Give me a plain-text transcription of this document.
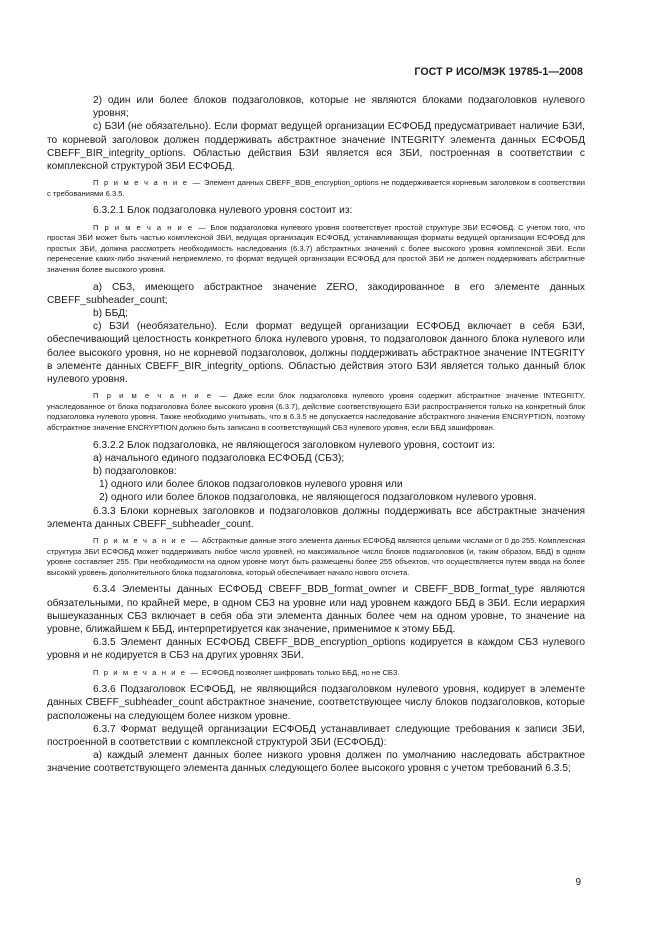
ГОСТ Р ИСО/МЭК 19785-1—2008

2) один или более блоков подзаголовков, которые не являются блоками подзаголовков нулевого уровня;

c) БЗИ (не обязательно). Если формат ведущей организации ЕСФОБД предусматривает наличие БЗИ, то корневой заголовок должен поддерживать абстрактное значение INTEGRITY элемента данных ЕСФОБД CBEFF_BIR_integrity_options. Областью действия БЗИ является вся ЗБИ, построенная в соответствии с комплексной структурой ЗБИ ЕСФОБД.

П р и м е ч а н и е — Элемент данных CBEFF_BDB_encryption_options не поддерживается корневым заголовком в соответствии с требованиями 6.3.5.

6.3.2.1 Блок подзаголовка нулевого уровня состоит из:

П р и м е ч а н и е — Блок подзаголовка нулевого уровня соответствует простой структуре ЗБИ ЕСФОБД. С учетом того, что простая ЗБИ может быть частью комплексной ЗБИ, ведущая организация ЕСФОБД, устанавливающая форматы ведущей организации ЕСФОБД для простых ЗБИ, должна рассмотреть необходимость наследования (6.3.7) абстрактных значений с более высокого уровня комплексной ЗБИ. Если перенесение каких-либо значений неприемлемо, то формат ведущей организации ЕСФОБД для простой ЗБИ не должен поддерживать абстрактные значения более высокого уровня.

a) СБЗ, имеющего абстрактное значение ZERO, закодированное в его элементе данных CBEFF_subheader_count;

b) ББД;

c) БЗИ (необязательно). Если формат ведущей организации ЕСФОБД включает в себя БЗИ, обеспечивающий целостность конкретного блока нулевого уровня, то подзаголовок данного блока нулевого или более высокого уровня, но не корневой подзаголовок, должны поддерживать абстрактное значение INTEGRITY в элементе данных CBEFF_BIR_integrity_options. Областью действия этого БЗИ является только данный блок нулевого уровня.

П р и м е ч а н и е — Даже если блок подзаголовка нулевого уровня содержит абстрактное значение INTEGRITY, унаследованное от блока подзаголовка более высокого уровня (6.3.7), действие соответствующего БЗИ распространяется только на конкретный блок подзаголовка нулевого уровня. Также необходимо учитывать, что в 6.3.5 не допускается наследование абстрактного значения ENCRYPTION, поэтому абстрактное значение ENCRYPTION должно быть записано в соответствующий СБЗ нулевого уровня, если ББД зашифрован.

6.3.2.2 Блок подзаголовка, не являющегося заголовком нулевого уровня, состоит из:

a) начального единого подзаголовка ЕСФОБД (СБЗ);

b) подзаголовков:

1) одного или более блоков подзаголовков нулевого уровня или

2) одного или более блоков подзаголовка, не являющегося подзаголовком нулевого уровня.

6.3.3 Блоки корневых заголовков и подзаголовков должны поддерживать все абстрактные значения элемента данных CBEFF_subheader_count.

П р и м е ч а н и е — Абстрактные данные этого элемента данных ЕСФОБД являются целыми числами от 0 до 255. Комплексная структура ЗБИ ЕСФОБД может поддерживать любое число уровней, но максимальное число блоков подзаголовков (и, таким образом, ББД) в одном уровне составляет 255. При необходимости на одном уровне могут быть размещены более 255 объектов, что осуществляется путем ввода на более высокий уровень дополнительного блока подзаголовка, который обеспечивает начало нового отсчета.

6.3.4 Элементы данных ЕСФОБД CBEFF_BDB_format_owner и CBEFF_BDB_format_type являются обязательными, по крайней мере, в одном СБЗ на уровне или над уровнем каждого ББД в ЗБИ. Если иерархия вышеуказанных СБЗ включает в себя оба эти элемента данных более чем на одном уровне, то значение на уровне, ближайшем к ББД, интерпретируется как значение, применимое к этому ББД.

6.3.5 Элемент данных ЕСФОБД CBEFF_BDB_encryption_options кодируется в каждом СБЗ нулевого уровня и не кодируется в СБЗ на других уровнях ЗБИ.

П р и м е ч а н и е — ЕСФОБД позволяет шифровать только ББД, но не СБЗ.

6.3.6 Подзаголовок ЕСФОБД, не являющийся подзаголовком нулевого уровня, кодирует в элементе данных CBEFF_subheader_count абстрактное значение, соответствующее числу блоков подзаголовков, которые расположены на следующем более низком уровне.

6.3.7 Формат ведущей организации ЕСФОБД устанавливает следующие требования к записи ЗБИ, построенной в соответствии с комплексной структурой ЗБИ (ЕСФОБД):

a) каждый элемент данных более низкого уровня должен по умолчанию наследовать абстрактное значение соответствующего элемента данных следующего более высокого уровня с учетом требований 6.3.5;

9
